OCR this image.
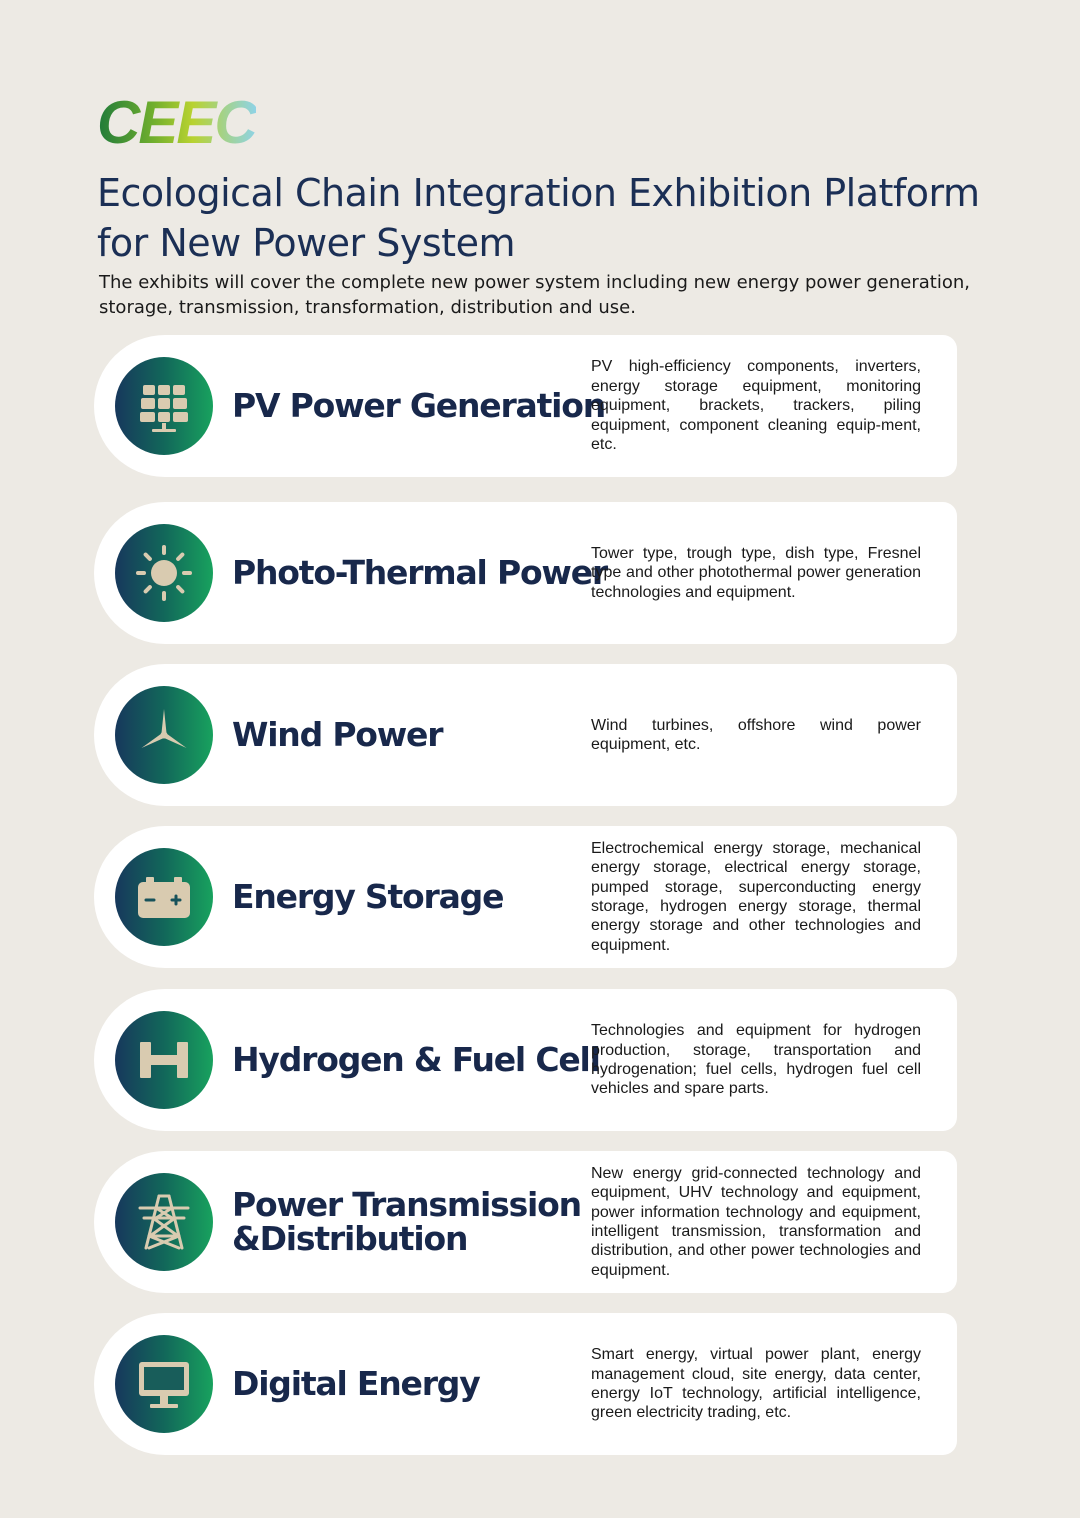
CEEC
Ecological Chain Integration Exhibition Platform for New Power System

The exhibits will cover the complete new power system including new energy power generation, storage, transmission, transformation, distribution and use.

PV Power Generation
PV high-efficiency components, inverters, energy storage equipment, monitoring equipment, brackets, trackers, piling equipment, component cleaning equip-ment, etc.
Photo-Thermal Power
Tower type, trough type, dish type, Fresnel type and other photothermal power generation technologies and equipment.
Wind Power	Wind turbines, offshore wind power equipment, etc.
Energy Storage
Electrochemical energy storage, mechanical energy storage, electrical energy storage, pumped storage, superconducting energy storage, hydrogen energy storage, thermal energy storage and other technologies and equipment.
Hydrogen & Fuel Cell
Technologies and equipment for hydrogen production, storage, transportation and hydrogenation; fuel cells, hydrogen fuel cell vehicles and spare parts.
Power Transmission
&Distribution
New energy grid-connected technology and equipment, UHV technology and equipment, power information technology and equipment, intelligent transmission, transformation and distribution, and other power technologies and equipment.
Digital Energy
Smart energy, virtual power plant, energy management cloud, site energy, data center, energy IoT technology, artificial intelligence, green electricity trading, etc.
